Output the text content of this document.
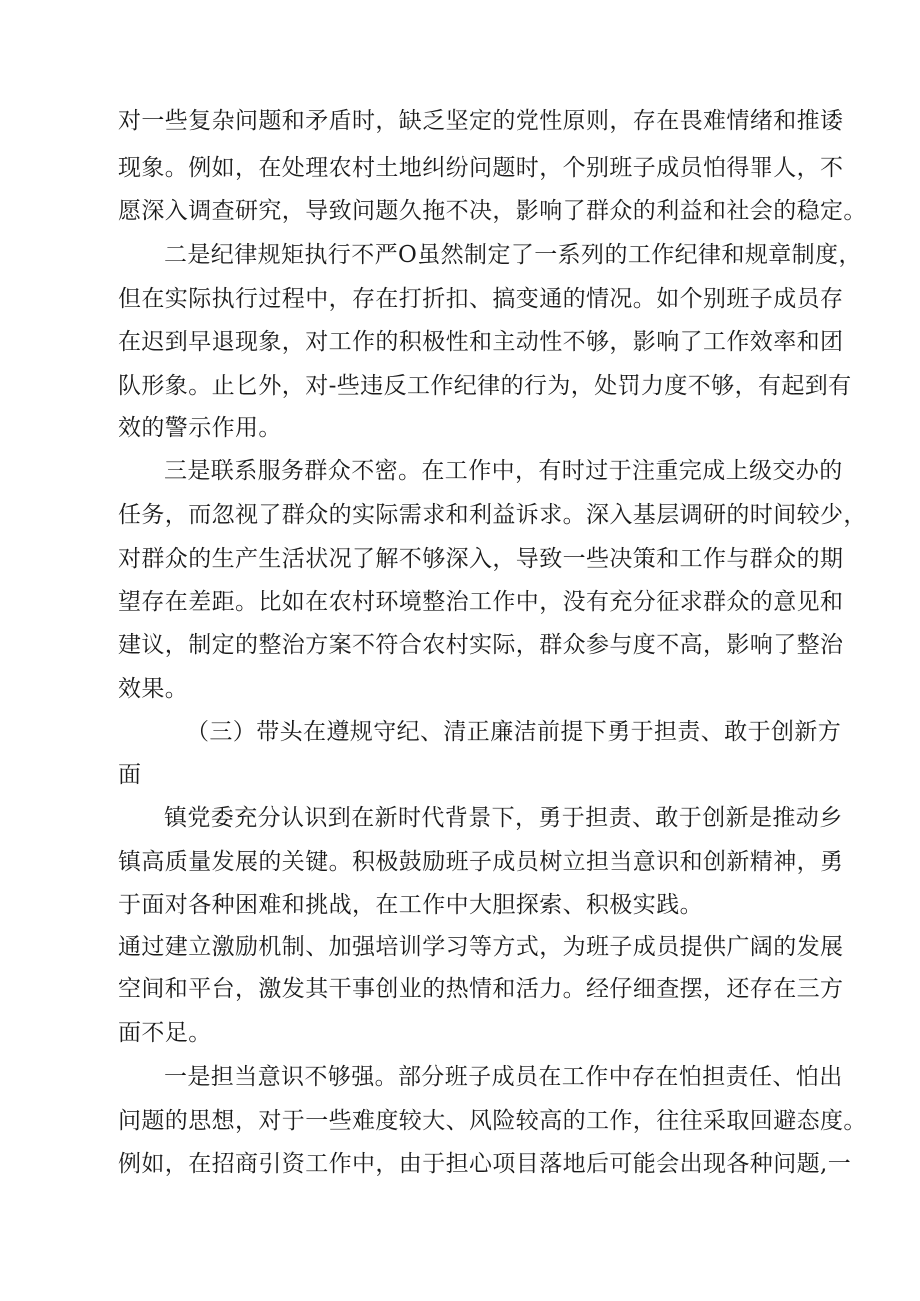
对一些复杂问题和矛盾时，缺乏坚定的党性原则，存在畏难情绪和推诿
现象。例如，在处理农村土地纠纷问题时，个别班子成员怕得罪人，不
愿深入调查研究，导致问题久拖不决，影响了群众的利益和社会的稳定。
二是纪律规矩执行不严O虽然制定了一系列的工作纪律和规章制度，
但在实际执行过程中，存在打折扣、搞变通的情况。如个别班子成员存
在迟到早退现象，对工作的积极性和主动性不够，影响了工作效率和团
队形象。止匕外，对-些违反工作纪律的行为，处罚力度不够，有起到有
效的警示作用。
三是联系服务群众不密。在工作中，有时过于注重完成上级交办的
任务，而忽视了群众的实际需求和利益诉求。深入基层调研的时间较少，
对群众的生产生活状况了解不够深入，导致一些决策和工作与群众的期
望存在差距。比如在农村环境整治工作中，没有充分征求群众的意见和
建议，制定的整治方案不符合农村实际，群众参与度不高，影响了整治
效果。
（三）带头在遵规守纪、清正廉洁前提下勇于担责、敢于创新方
面
镇党委充分认识到在新时代背景下，勇于担责、敢于创新是推动乡
镇高质量发展的关键。积极鼓励班子成员树立担当意识和创新精神，勇
于面对各种困难和挑战，在工作中大胆探索、积极实践。
通过建立激励机制、加强培训学习等方式，为班子成员提供广阔的发展
空间和平台，激发其干事创业的热情和活力。经仔细查摆，还存在三方
面不足。
一是担当意识不够强。部分班子成员在工作中存在怕担责任、怕出
问题的思想，对于一些难度较大、风险较高的工作，往往采取回避态度。
例如，在招商引资工作中，由于担心项目落地后可能会出现各种问题,一
